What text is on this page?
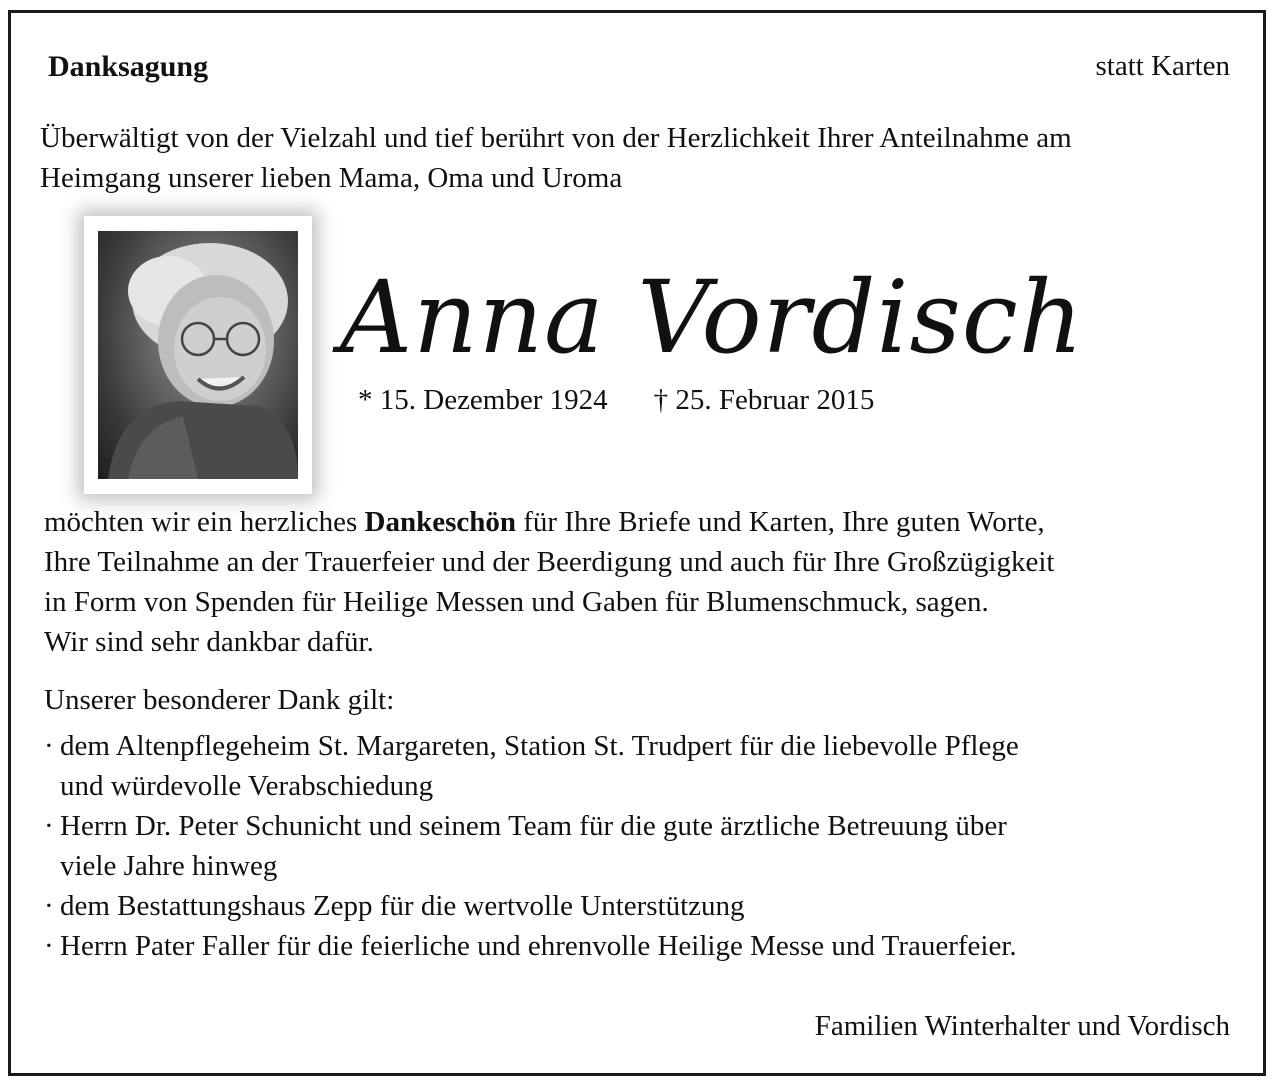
Danksagung	statt Karten
Überwältigt von der Vielzahl und tief berührt von der Herzlichkeit Ihrer Anteilnahme am
Heimgang unserer lieben Mama, Oma und Uroma
Anna Vordisch
* 15. Dezember 1924 † 25. Februar 2015
möchten wir ein herzliches Dankeschön für Ihre Briefe und Karten, Ihre guten Worte,
Ihre Teilnahme an der Trauerfeier und der Beerdigung und auch für Ihre Großzügigkeit
in Form von Spenden für Heilige Messen und Gaben für Blumenschmuck, sagen.
Wir sind sehr dankbar dafür.
Unserer besonderer Dank gilt:
· dem Altenpflegeheim St. Margareten, Station St. Trudpert für die liebevolle Pflege
und würdevolle Verabschiedung
· Herrn Dr. Peter Schunicht und seinem Team für die gute ärztliche Betreuung über
viele Jahre hinweg
· dem Bestattungshaus Zepp für die wertvolle Unterstützung
· Herrn Pater Faller für die feierliche und ehrenvolle Heilige Messe und Trauerfeier.
Familien Winterhalter und Vordisch
